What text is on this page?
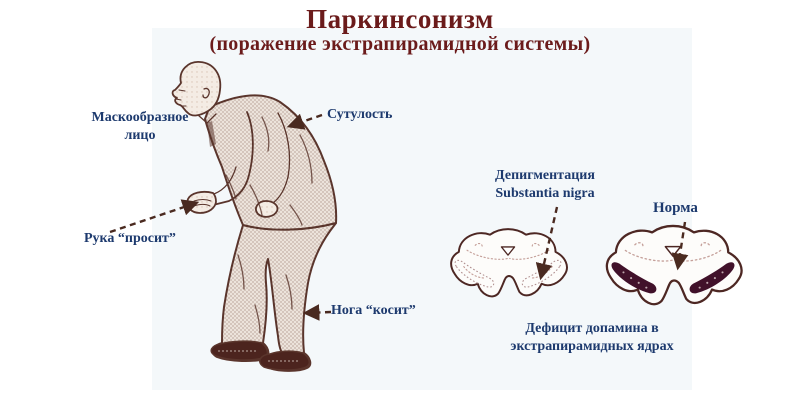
Паркинсонизм
(поражение экстрапирамидной системы)
Маскообразное
лицо
Сутулость
Рука “просит”
Нога “косит”
Депигментация
Substantia nigra
Норма
Дефицит допамина в
экстрапирамидных ядрах
